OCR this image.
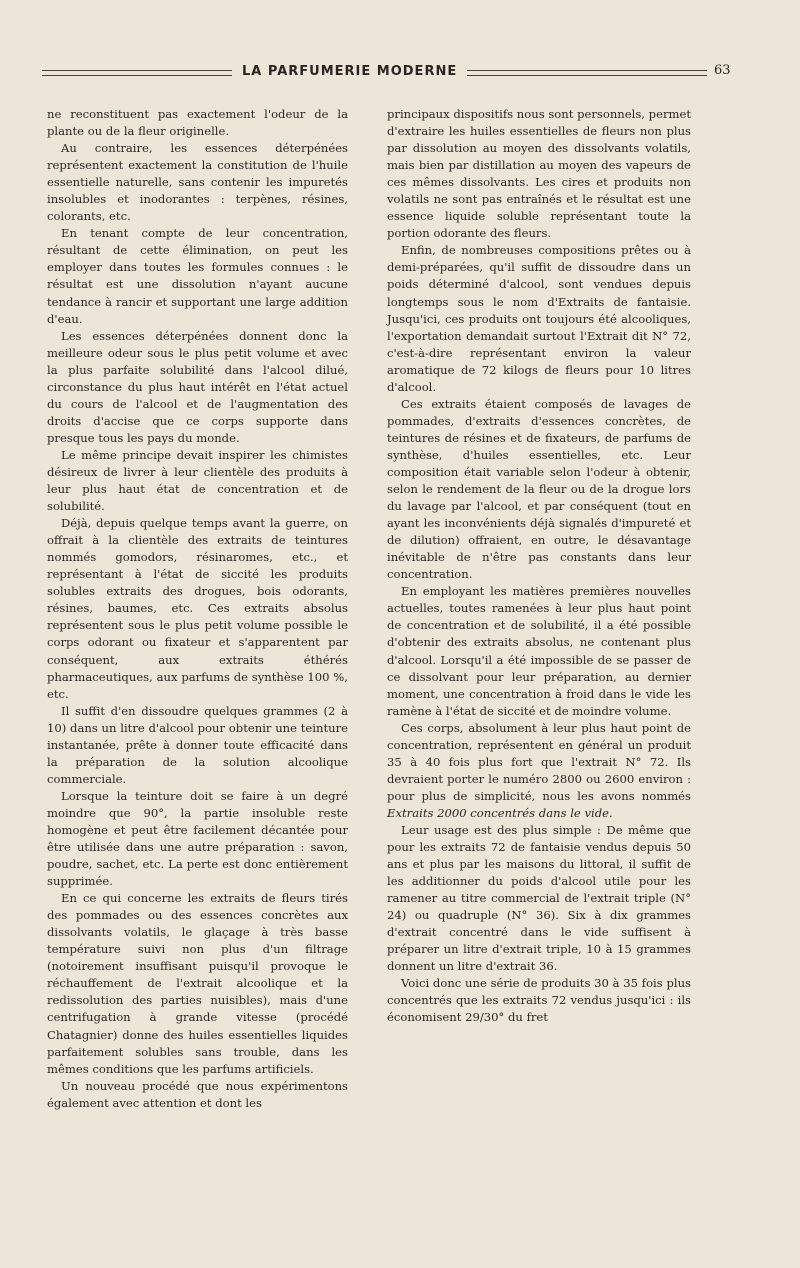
LA PARFUMERIE MODERNE	63

ne reconstituent pas exactement l'odeur de la plante ou de la fleur originelle.

Au contraire, les essences déterpénées représentent exactement la constitution de l'huile essentielle naturelle, sans contenir les impuretés insolubles et inodorantes : terpènes, résines, colorants, etc.

En tenant compte de leur concentration, résultant de cette élimination, on peut les employer dans toutes les formules connues : le résultat est une dissolution n'ayant aucune tendance à rancir et supportant une large addition d'eau.

Les essences déterpénées donnent donc la meilleure odeur sous le plus petit volume et avec la plus parfaite solubilité dans l'alcool dilué, circonstance du plus haut intérêt en l'état actuel du cours de l'alcool et de l'augmentation des droits d'accise que ce corps supporte dans presque tous les pays du monde.

Le même principe devait inspirer les chimistes désireux de livrer à leur clientèle des produits à leur plus haut état de concentration et de solubilité.

Déjà, depuis quelque temps avant la guerre, on offrait à la clientèle des extraits de teintures nommés gomodors, résinaromes, etc., et représentant à l'état de siccité les produits solubles extraits des drogues, bois odorants, résines, baumes, etc. Ces extraits absolus représentent sous le plus petit volume possible le corps odorant ou fixateur et s'apparentent par conséquent, aux extraits éthérés pharmaceutiques, aux parfums de synthèse 100 %, etc.

Il suffit d'en dissoudre quelques grammes (2 à 10) dans un litre d'alcool pour obtenir une teinture instantanée, prête à donner toute efficacité dans la préparation de la solution alcoolique commerciale.

Lorsque la teinture doit se faire à un degré moindre que 90°, la partie insoluble reste homogène et peut être facilement décantée pour être utilisée dans une autre préparation : savon, poudre, sachet, etc. La perte est donc entièrement supprimée.

En ce qui concerne les extraits de fleurs tirés des pommades ou des essences concrètes aux dissolvants volatils, le glaçage à très basse température suivi non plus d'un filtrage (notoirement insuffisant puisqu'il provoque le réchauffement de l'extrait alcoolique et la redissolution des parties nuisibles), mais d'une centrifugation à grande vitesse (procédé Chatagnier) donne des huiles essentielles liquides parfaitement solubles sans trouble, dans les mêmes conditions que les parfums artificiels.

Un nouveau procédé que nous expérimentons également avec attention et dont les

principaux dispositifs nous sont personnels, permet d'extraire les huiles essentielles de fleurs non plus par dissolution au moyen des dissolvants volatils, mais bien par distillation au moyen des vapeurs de ces mêmes dissolvants. Les cires et produits non volatils ne sont pas entraînés et le résultat est une essence liquide soluble représentant toute la portion odorante des fleurs.

Enfin, de nombreuses compositions prêtes ou à demi-préparées, qu'il suffit de dissoudre dans un poids déterminé d'alcool, sont vendues depuis longtemps sous le nom d'Extraits de fantaisie. Jusqu'ici, ces produits ont toujours été alcooliques, l'exportation demandait surtout l'Extrait dit N° 72, c'est-à-dire représentant environ la valeur aromatique de 72 kilogs de fleurs pour 10 litres d'alcool.

Ces extraits étaient composés de lavages de pommades, d'extraits d'essences concrètes, de teintures de résines et de fixateurs, de parfums de synthèse, d'huiles essentielles, etc. Leur composition était variable selon l'odeur à obtenir, selon le rendement de la fleur ou de la drogue lors du lavage par l'alcool, et par conséquent (tout en ayant les inconvénients déjà signalés d'impureté et de dilution) offraient, en outre, le désavantage inévitable de n'être pas constants dans leur concentration.

En employant les matières premières nouvelles actuelles, toutes ramenées à leur plus haut point de concentration et de solubilité, il a été possible d'obtenir des extraits absolus, ne contenant plus d'alcool. Lorsqu'il a été impossible de se passer de ce dissolvant pour leur préparation, au dernier moment, une concentration à froid dans le vide les ramène à l'état de siccité et de moindre volume.

Ces corps, absolument à leur plus haut point de concentration, représentent en général un produit 35 à 40 fois plus fort que l'extrait N° 72. Ils devraient porter le numéro 2800 ou 2600 environ : pour plus de simplicité, nous les avons nommés Extraits 2000 concentrés dans le vide.

Leur usage est des plus simple : De même que pour les extraits 72 de fantaisie vendus depuis 50 ans et plus par les maisons du littoral, il suffit de les additionner du poids d'alcool utile pour les ramener au titre commercial de l'extrait triple (N° 24) ou quadruple (N° 36). Six à dix grammes d'extrait concentré dans le vide suffisent à préparer un litre d'extrait triple, 10 à 15 grammes donnent un litre d'extrait 36.

Voici donc une série de produits 30 à 35 fois plus concentrés que les extraits 72 vendus jusqu'ici : ils économisent 29/30° du fret
